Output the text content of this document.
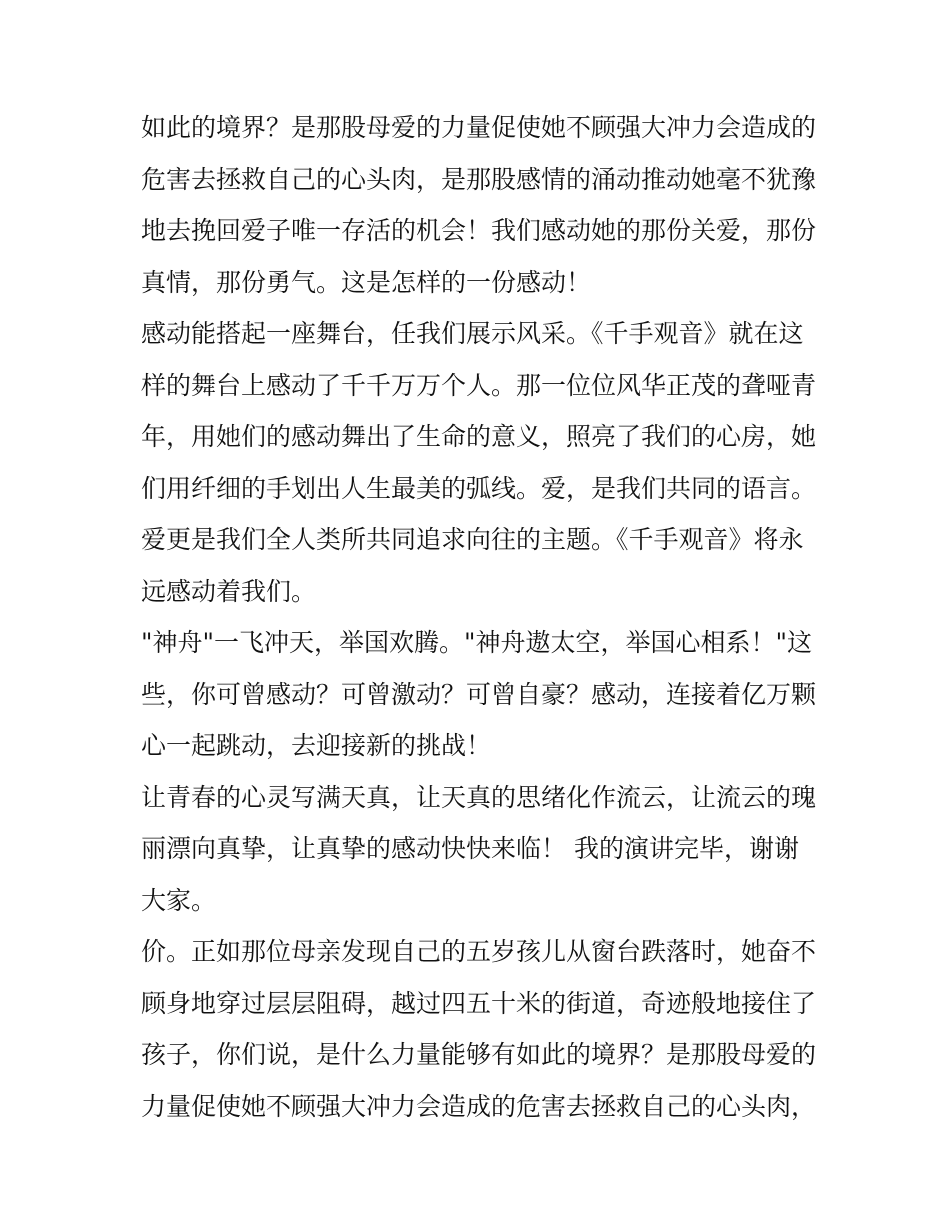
如此的境界？是那股母爱的力量促使她不顾强大冲力会造成的
危害去拯救自己的心头肉，是那股感情的涌动推动她毫不犹豫
地去挽回爱子唯一存活的机会！我们感动她的那份关爱，那份
真情，那份勇气。这是怎样的一份感动！
感动能搭起一座舞台，任我们展示风采。《千手观音》就在这
样的舞台上感动了千千万万个人。那一位位风华正茂的聋哑青
年，用她们的感动舞出了生命的意义，照亮了我们的心房，她
们用纤细的手划出人生最美的弧线。爱，是我们共同的语言。
爱更是我们全人类所共同追求向往的主题。《千手观音》将永
远感动着我们。
"神舟"一飞冲天，举国欢腾。"神舟遨太空，举国心相系！"这
些，你可曾感动？可曾激动？可曾自豪？感动，连接着亿万颗
心一起跳动，去迎接新的挑战！
让青春的心灵写满天真，让天真的思绪化作流云，让流云的瑰
丽漂向真挚，让真挚的感动快快来临！ 我的演讲完毕，谢谢
大家。
价。正如那位母亲发现自己的五岁孩儿从窗台跌落时，她奋不
顾身地穿过层层阻碍，越过四五十米的街道，奇迹般地接住了
孩子，你们说，是什么力量能够有如此的境界？是那股母爱的
力量促使她不顾强大冲力会造成的危害去拯救自己的心头肉，
